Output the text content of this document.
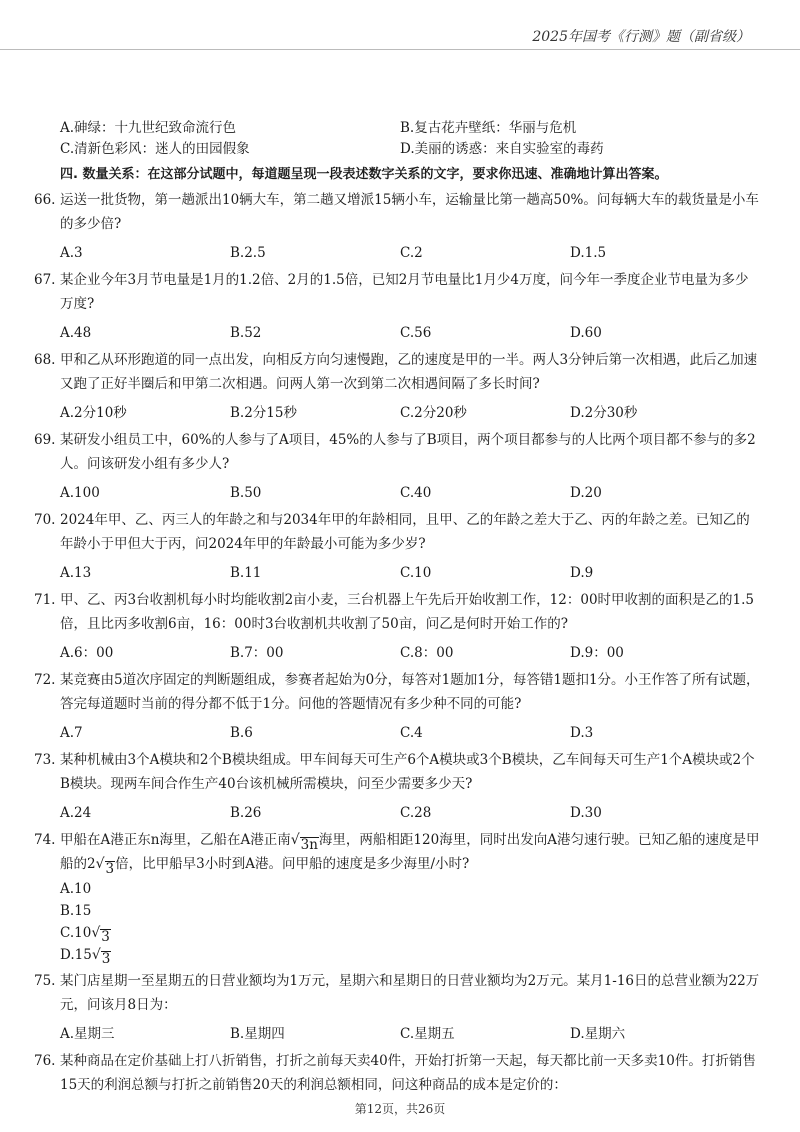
2025年国考《行测》题（副省级）
A.砷绿：十九世纪致命流行色	B.复古花卉壁纸：华丽与危机
C.清新色彩风：迷人的田园假象	D.美丽的诱惑：来自实验室的毒药
四. 数量关系：在这部分试题中，每道题呈现一段表述数字关系的文字，要求你迅速、准确地计算出答案。
66. 运送一批货物，第一趟派出10辆大车，第二趟又增派15辆小车，运输量比第一趟高50%。问每辆大车的载货量是小车的多少倍?
A.3	B.2.5	C.2	D.1.5
67. 某企业今年3月节电量是1月的1.2倍、2月的1.5倍，已知2月节电量比1月少4万度，问今年一季度企业节电量为多少万度?
A.48	B.52	C.56	D.60
68. 甲和乙从环形跑道的同一点出发，向相反方向匀速慢跑，乙的速度是甲的一半。两人3分钟后第一次相遇，此后乙加速又跑了正好半圈后和甲第二次相遇。问两人第一次到第二次相遇间隔了多长时间?
A.2分10秒	B.2分15秒	C.2分20秒	D.2分30秒
69. 某研发小组员工中，60%的人参与了A项目，45%的人参与了B项目，两个项目都参与的人比两个项目都不参与的多2人。问该研发小组有多少人?
A.100	B.50	C.40	D.20
70. 2024年甲、乙、丙三人的年龄之和与2034年甲的年龄相同，且甲、乙的年龄之差大于乙、丙的年龄之差。已知乙的年龄小于甲但大于丙，问2024年甲的年龄最小可能为多少岁?
A.13	B.11	C.10	D.9
71. 甲、乙、丙3台收割机每小时均能收割2亩小麦，三台机器上午先后开始收割工作，12：00时甲收割的面积是乙的1.5倍，且比丙多收割6亩，16：00时3台收割机共收割了50亩，问乙是何时开始工作的?
A.6：00	B.7：00	C.8：00	D.9：00
72. 某竞赛由5道次序固定的判断题组成，参赛者起始为0分，每答对1题加1分，每答错1题扣1分。小王作答了所有试题，答完每道题时当前的得分都不低于1分。问他的答题情况有多少种不同的可能?
A.7	B.6	C.4	D.3
73. 某种机械由3个A模块和2个B模块组成。甲车间每天可生产6个A模块或3个B模块，乙车间每天可生产1个A模块或2个B模块。现两车间合作生产40台该机械所需模块，问至少需要多少天?
A.24	B.26	C.28	D.30
74. 甲船在A港正东n海里，乙船在A港正南 √ 3n 海里，两船相距120海里，同时出发向A港匀速行驶。已知乙船的速度是甲船的2 √ 3 倍，比甲船早3小时到A港。问甲船的速度是多少海里/小时?
A.10
B.15
C.10 √ 3
D.15 √ 3
75. 某门店星期一至星期五的日营业额均为1万元，星期六和星期日的日营业额均为2万元。某月1-16日的总营业额为22万元，问该月8日为：
A.星期三	B.星期四	C.星期五	D.星期六
76. 某种商品在定价基础上打八折销售，打折之前每天卖40件，开始打折第一天起，每天都比前一天多卖10件。打折销售15天的利润总额与打折之前销售20天的利润总额相同，问这种商品的成本是定价的：
第12页，共26页
